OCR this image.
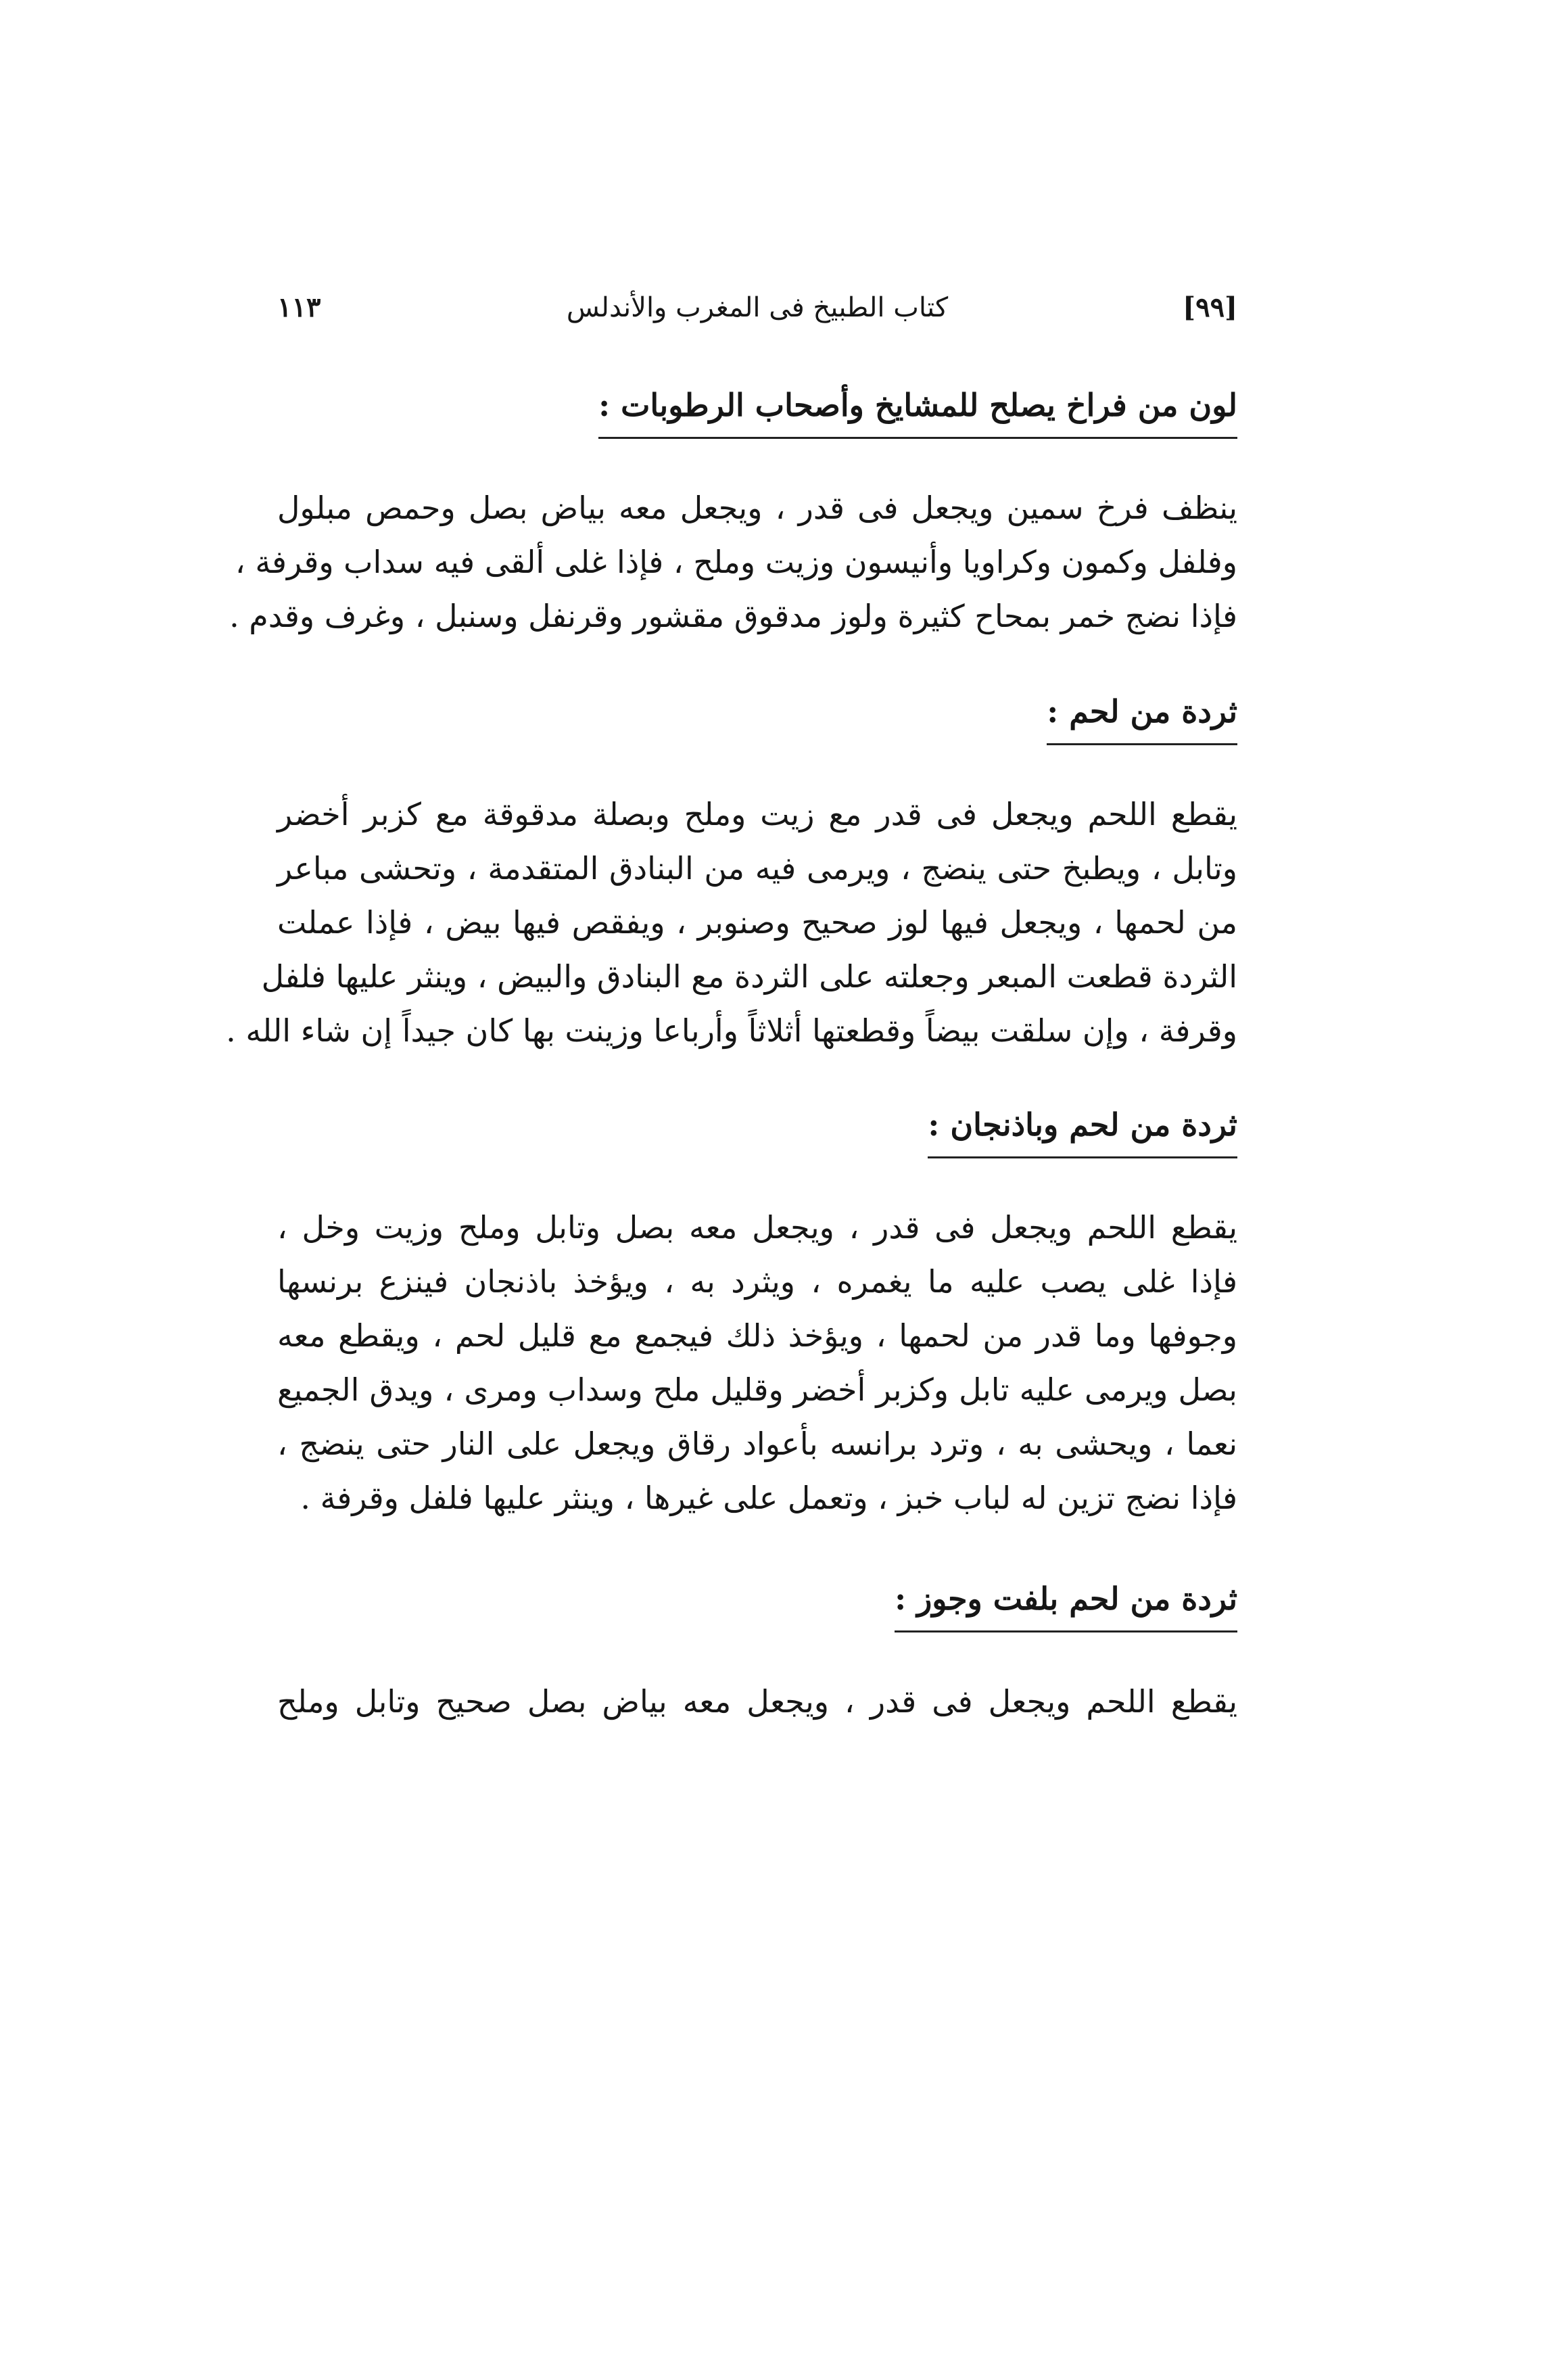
١١٣	كتاب الطبيخ فى المغرب والأندلس	[٩٩]
لون من فراخ يصلح للمشايخ وأصحاب الرطوبات :
ينظف فرخ سمين ويجعل فى قدر ، ويجعل معه بياض بصل وحمص مبلول
وفلفل وكمون وكراويا وأنيسون وزيت وملح ، فإذا غلى ألقى فيه سداب وقرفة ،
فإذا نضج خمر بمحاح كثيرة ولوز مدقوق مقشور وقرنفل وسنبل ، وغرف وقدم .
ثردة من لحم :
يقطع اللحم ويجعل فى قدر مع زيت وملح وبصلة مدقوقة مع كزبر أخضر
وتابل ، ويطبخ حتى ينضج ، ويرمى فيه من البنادق المتقدمة ، وتحشى مباعر
من لحمها ، ويجعل فيها لوز صحيح وصنوبر ، ويفقص فيها بيض ، فإذا عملت
الثردة قطعت المبعر وجعلته على الثردة مع البنادق والبيض ، وينثر عليها فلفل
وقرفة ، وإن سلقت بيضاً وقطعتها أثلاثاً وأرباعا وزينت بها كان جيداً إن شاء الله .
ثردة من لحم وباذنجان :
يقطع اللحم ويجعل فى قدر ، ويجعل معه بصل وتابل وملح وزيت وخل ،
فإذا غلى يصب عليه ما يغمره ، ويثرد به ، ويؤخذ باذنجان فينزع برنسها
وجوفها وما قدر من لحمها ، ويؤخذ ذلك فيجمع مع قليل لحم ، ويقطع معه
بصل ويرمى عليه تابل وكزبر أخضر وقليل ملح وسداب ومرى ، ويدق الجميع
نعما ، ويحشى به ، وترد برانسه بأعواد رقاق ويجعل على النار حتى ينضج ،
فإذا نضج تزين له لباب خبز ، وتعمل على غيرها ، وينثر عليها فلفل وقرفة .
ثردة من لحم بلفت وجوز :
يقطع اللحم ويجعل فى قدر ، ويجعل معه بياض بصل صحيح وتابل وملح
